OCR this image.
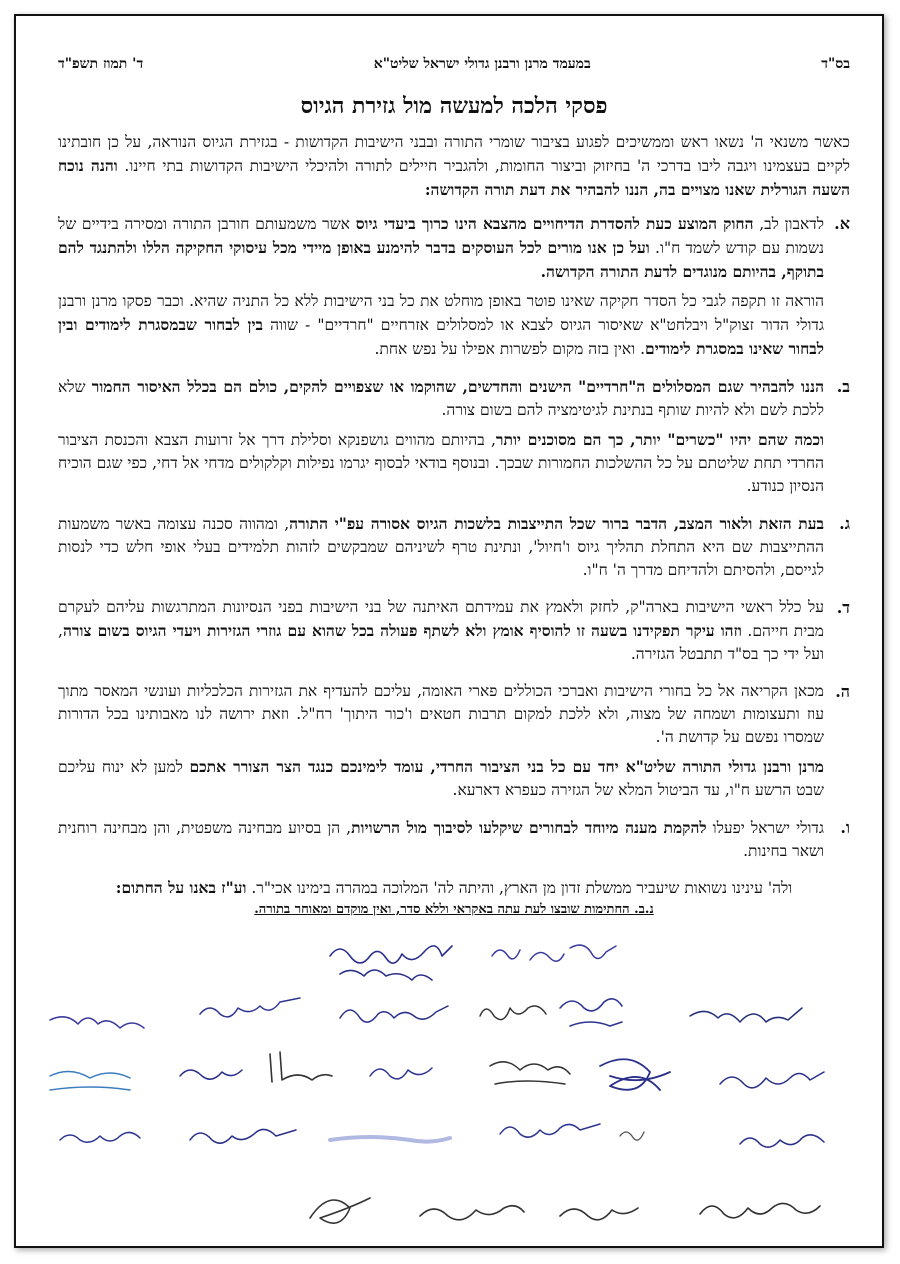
בס"ד
במעמד מרנן ורבנן גדולי ישראל שליט"א
ד' תמוז תשפ"ד
פסקי הלכה למעשה מול גזירת הגיוס

כאשר משנאי ה' נשאו ראש וממשיכים לפגוע בציבור שומרי התורה ובבני הישיבות הקדושות - בגזירת הגיוס הנוראה, על כן חובתינו לקיים בעצמינו ויגבה ליבו בדרכי ה' בחיזוק וביצור החומות, ולהגביר חיילים לתורה ולהיכלי הישיבות הקדושות בתי חיינו. והנה נוכח השעה הגורלית שאנו מצויים בה, הננו להבהיר את דעת תורה הקדושה:

א.

לדאבון לב, החוק המוצע כעת להסדרת הדיחויים מהצבא הינו כרוך ביעדי גיוס אשר משמעותם חורבן התורה ומסירה בידיים של נשמות עם קודש לשמד ח"ו. ועל כן אנו מורים לכל העוסקים בדבר להימנע באופן מיידי מכל עיסוקי החקיקה הללו ולהתנגד להם בתוקף, בהיותם מנוגדים לדעת התורה הקדושה.

הוראה זו תקפה לגבי כל הסדר חקיקה שאינו פוטר באופן מוחלט את כל בני הישיבות ללא כל התניה שהיא. וכבר פסקו מרנן ורבנן גדולי הדור זצוק"ל ויבלחט"א שאיסור הגיוס לצבא או למסלולים אזרחיים "חרדיים" - שווה בין לבחור שבמסגרת לימודים ובין לבחור שאינו במסגרת לימודים. ואין בזה מקום לפשרות אפילו על נפש אחת.

ב.

הננו להבהיר שגם המסלולים ה"חרדיים" הישנים והחדשים, שהוקמו או שצפויים להקים, כולם הם בכלל האיסור החמור שלא ללכת לשם ולא להיות שותף בנתינת לגיטימציה להם בשום צורה.

וכמה שהם יהיו "כשרים" יותר, כך הם מסוכנים יותר, בהיותם מהווים גושפנקא וסלילת דרך אל זרועות הצבא והכנסת הציבור החרדי תחת שליטתם על כל ההשלכות החמורות שבכך. ובנוסף בודאי לבסוף יגרמו נפילות וקלקולים מדחי אל דחי, כפי שגם הוכיח הנסיון כנודע.

ג.

בעת הזאת ולאור המצב, הדבר ברור שכל התייצבות בלשכות הגיוס אסורה עפ"י התורה, ומהווה סכנה עצומה באשר משמעות ההתייצבות שם היא התחלת תהליך גיוס ו'חיול', ונתינת טרף לשיניהם שמבקשים לזהות תלמידים בעלי אופי חלש כדי לנסות לגייסם, ולהסיתם ולהדיחם מדרך ה' ח"ו.

ד.

על כלל ראשי הישיבות בארה"ק, לחזק ולאמץ את עמידתם האיתנה של בני הישיבות בפני הנסיונות המתרגשות עליהם לעקרם מבית חייהם. וזהו עיקר תפקידנו בשעה זו להוסיף אומץ ולא לשתף פעולה בכל שהוא עם גוזרי הגזירות ויעדי הגיוס בשום צורה, ועל ידי כך בס"ד תתבטל הגזירה.

ה.

מכאן הקריאה אל כל בחורי הישיבות ואברכי הכוללים פארי האומה, עליכם להעדיף את הגזירות הכלכליות ועונשי המאסר מתוך עוז ותעצומות ושמחה של מצוה, ולא ללכת למקום תרבות חטאים ו'כור היתוך' רח"ל. וזאת ירושה לנו מאבותינו בכל הדורות שמסרו נפשם על קדושת ה'.

מרנן ורבנן גדולי התורה שליט"א יחד עם כל בני הציבור החרדי, עומד לימינכם כנגד הצר הצורר אתכם למען לא ינוח עליכם שבט הרשע ח"ו, עד הביטול המלא של הגזירה כעפרא דארעא.

ו.

גדולי ישראל יפעלו להקמת מענה מיוחד לבחורים שיקלעו לסיבוך מול הרשויות, הן בסיוע מבחינה משפטית, והן מבחינה רוחנית ושאר בחינות.

ולה' עינינו נשואות שיעביר ממשלת זדון מן הארץ, והיתה לה' המלוכה במהרה בימינו אכי"ר. וע"ז באנו על החתום:

נ.ב. החתימות שובצו לעת עתה באקראי וללא סדר, ואין מוקדם ומאוחר בתורה.
